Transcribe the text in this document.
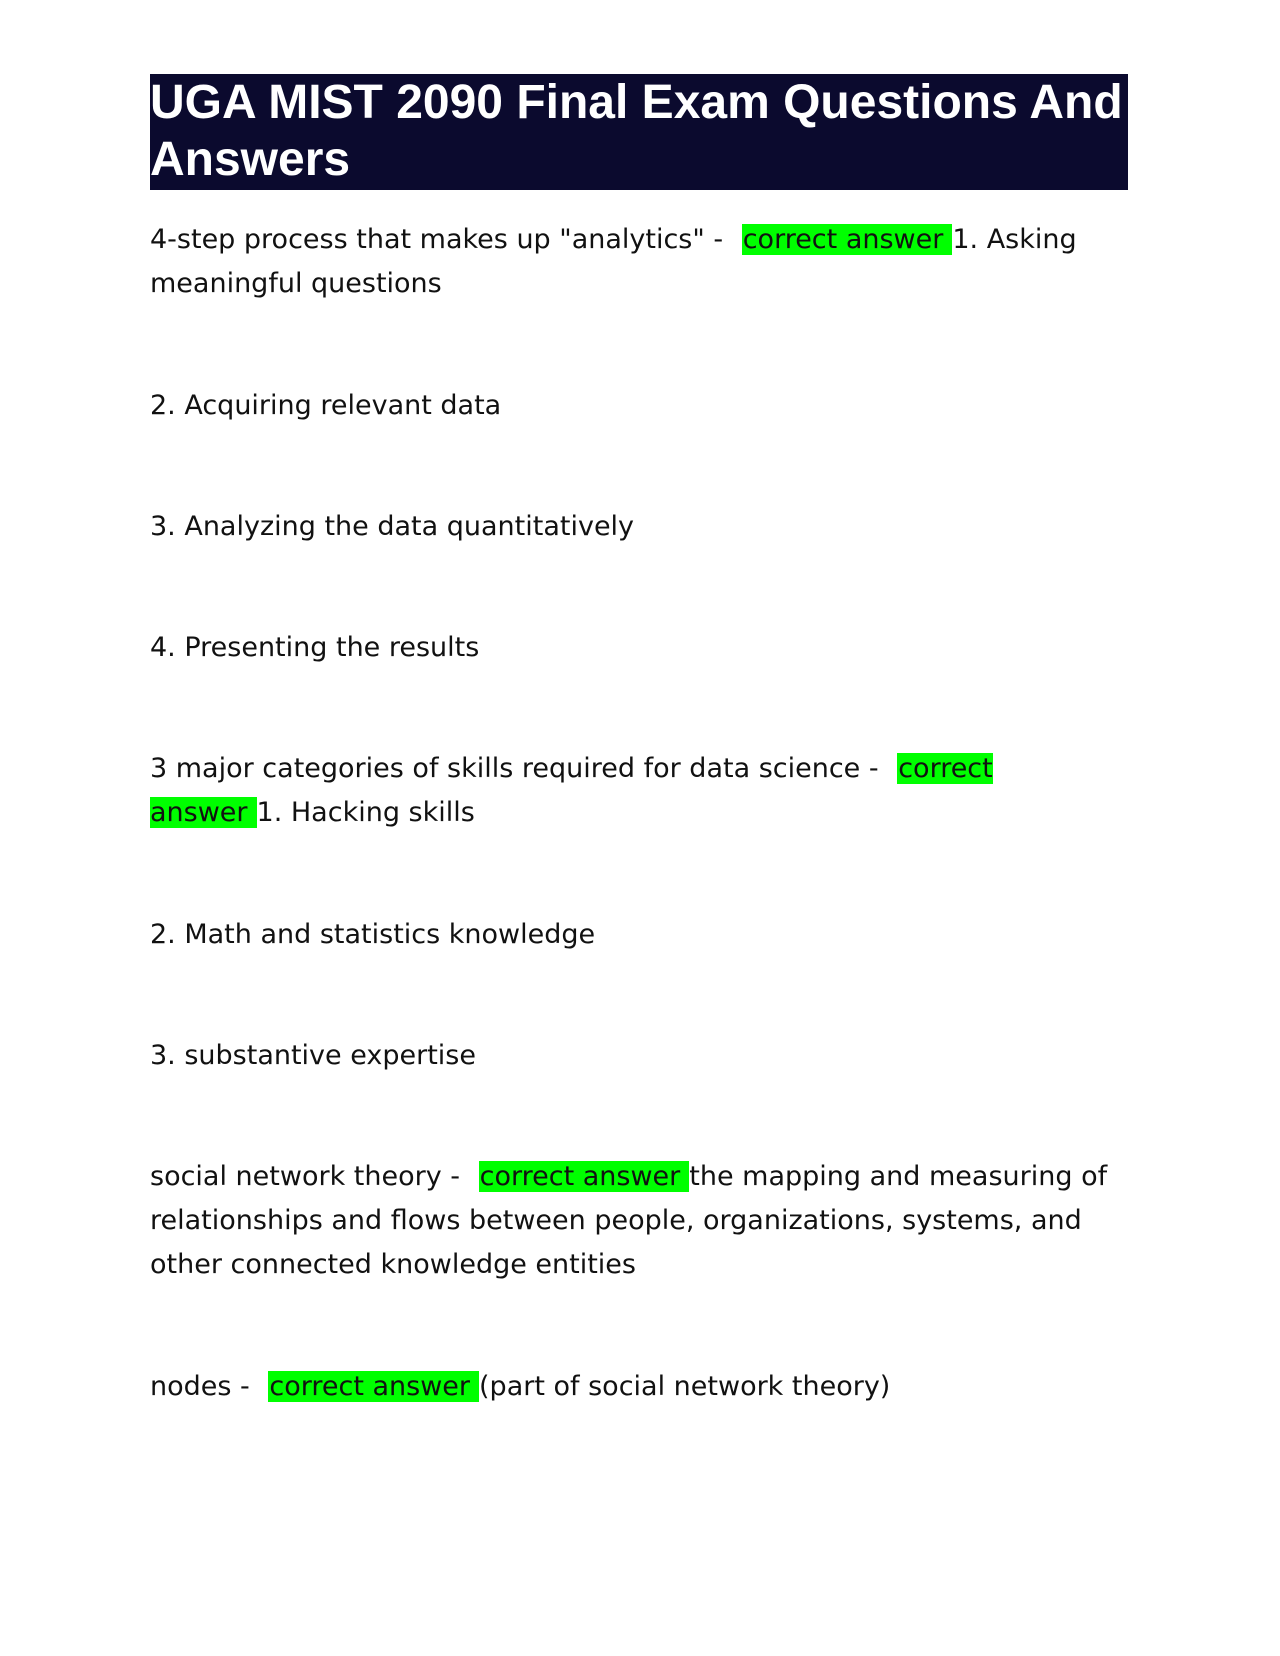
UGA MIST 2090 Final Exam Questions And Answers

4-step process that makes up "analytics" - correct answer 1. Asking meaningful questions

2. Acquiring relevant data

3. Analyzing the data quantitatively

4. Presenting the results

3 major categories of skills required for data science - correct answer 1. Hacking skills

2. Math and statistics knowledge

3. substantive expertise

social network theory - correct answer the mapping and measuring of relationships and flows between people, organizations, systems, and other connected knowledge entities

nodes - correct answer (part of social network theory)
